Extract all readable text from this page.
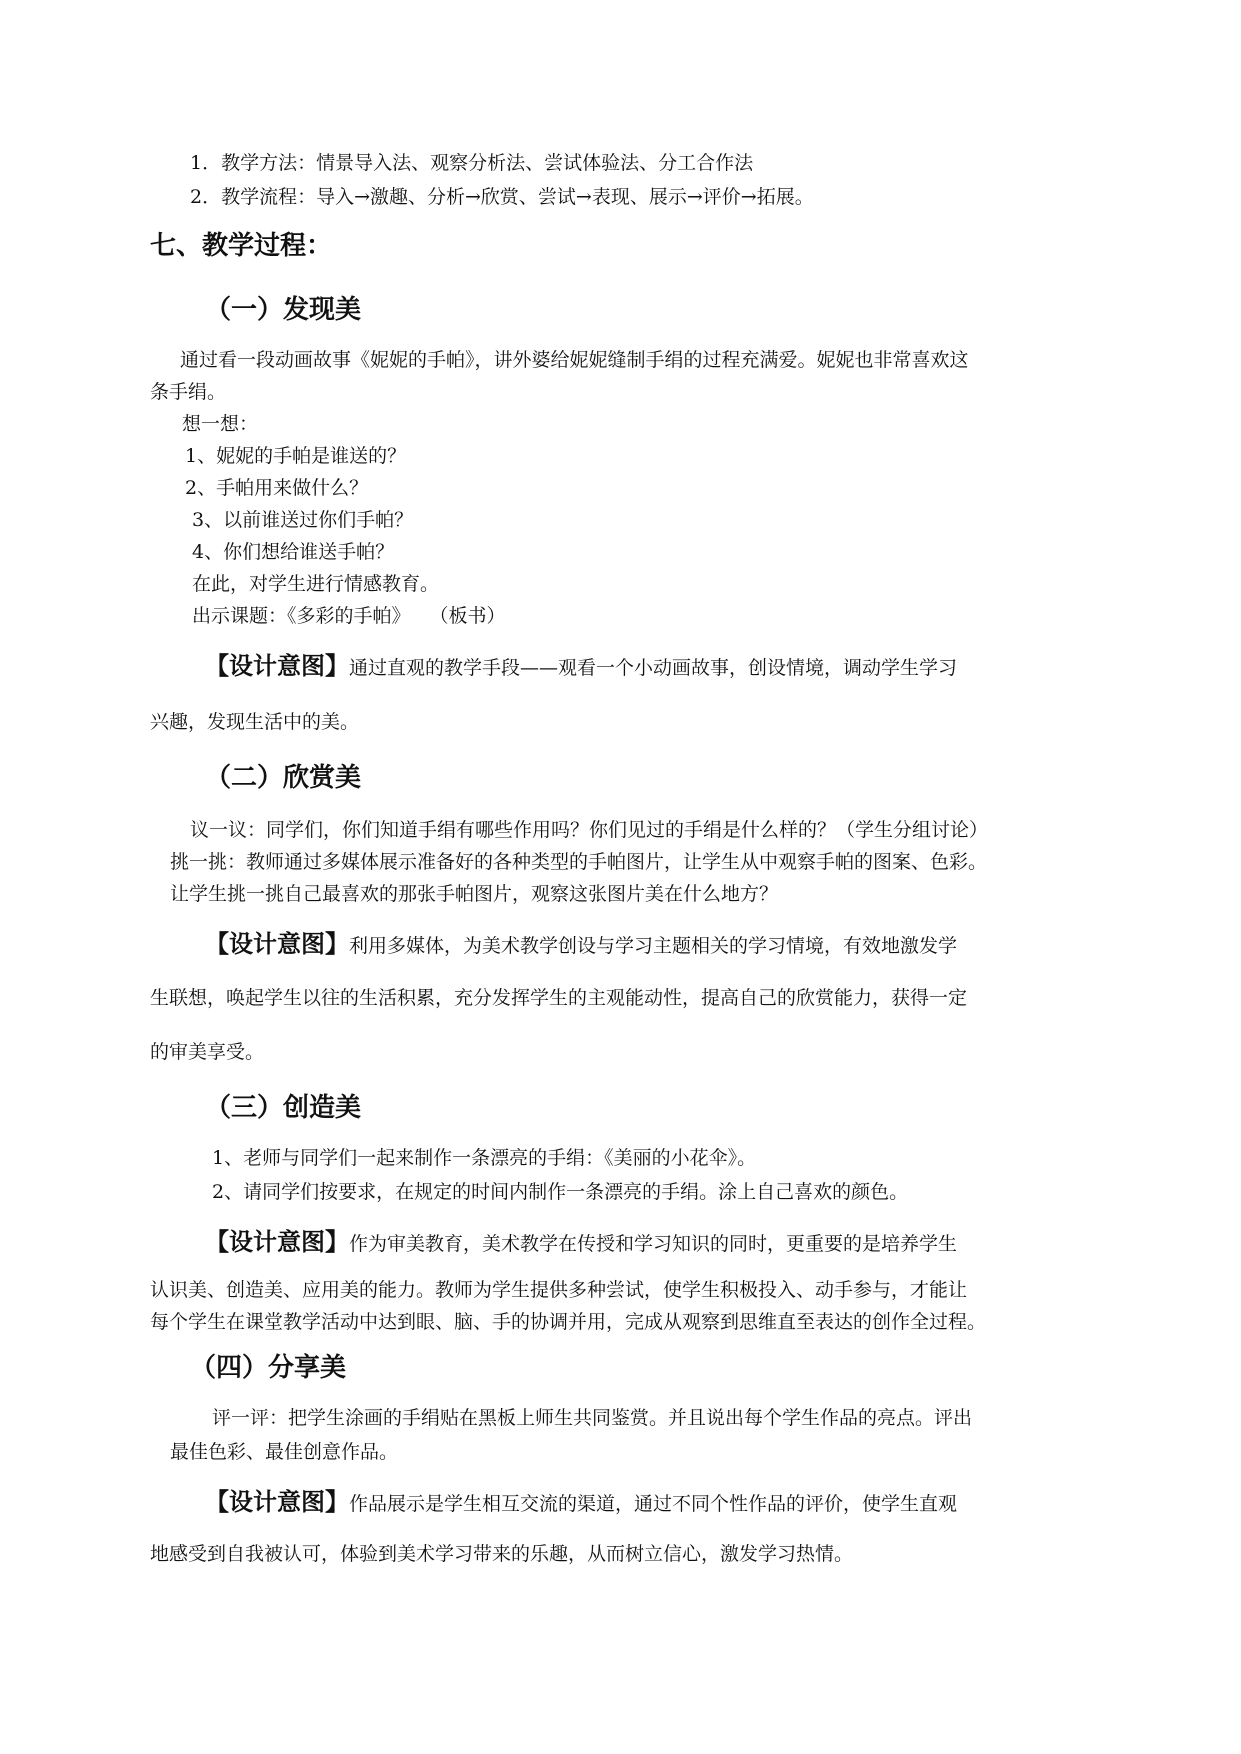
1．教学方法：情景导入法、观察分析法、尝试体验法、分工合作法
2．教学流程：导入→激趣、分析→欣赏、尝试→表现、展示→评价→拓展。
七、教学过程：
（一）发现美
通过看一段动画故事《妮妮的手帕》，讲外婆给妮妮缝制手绢的过程充满爱。妮妮也非常喜欢这
条手绢。
想一想：
1、妮妮的手帕是谁送的？
2、手帕用来做什么？
3、以前谁送过你们手帕？
4、你们想给谁送手帕？
在此，对学生进行情感教育。
出示课题：《多彩的手帕》　　（板书）
【设计意图】通过直观的教学手段——观看一个小动画故事，创设情境，调动学生学习
兴趣，发现生活中的美。
（二）欣赏美
议一议：同学们，你们知道手绢有哪些作用吗？你们见过的手绢是什么样的？（学生分组讨论）
挑一挑：教师通过多媒体展示准备好的各种类型的手帕图片，让学生从中观察手帕的图案、色彩。
让学生挑一挑自己最喜欢的那张手帕图片，观察这张图片美在什么地方？
【设计意图】利用多媒体，为美术教学创设与学习主题相关的学习情境，有效地激发学
生联想，唤起学生以往的生活积累，充分发挥学生的主观能动性，提高自己的欣赏能力，获得一定
的审美享受。
（三）创造美
1、老师与同学们一起来制作一条漂亮的手绢：《美丽的小花伞》。
2、请同学们按要求，在规定的时间内制作一条漂亮的手绢。涂上自己喜欢的颜色。
【设计意图】作为审美教育，美术教学在传授和学习知识的同时，更重要的是培养学生
认识美、创造美、应用美的能力。教师为学生提供多种尝试，使学生积极投入、动手参与，才能让
每个学生在课堂教学活动中达到眼、脑、手的协调并用，完成从观察到思维直至表达的创作全过程。
（四）分享美
评一评：把学生涂画的手绢贴在黑板上师生共同鉴赏。并且说出每个学生作品的亮点。评出
最佳色彩、最佳创意作品。
【设计意图】作品展示是学生相互交流的渠道，通过不同个性作品的评价，使学生直观
地感受到自我被认可，体验到美术学习带来的乐趣，从而树立信心，激发学习热情。
